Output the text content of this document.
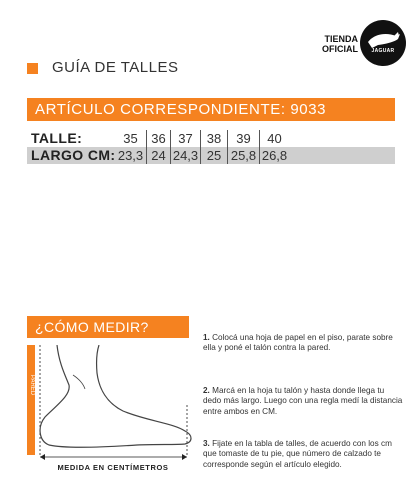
GUÍA DE TALLES
TIENDA
OFICIAL	JAGUAR
ARTÍCULO CORRESPONDIENTE: 9033
TALLE:	35	36 37	38	39	40
LARGO CM: 23,3 24 24,3 25 25,8 26,8
¿CÓMO MEDIR?
PARED
MEDIDA EN CENTÍMETROS
1. Colocá una hoja de papel en el piso, parate sobre ella y poné el talón contra la pared.
2. Marcá en la hoja tu talón y hasta donde llega tu dedo más largo. Luego con una regla medí la distancia entre ambos en CM.
3. Fijate en la tabla de talles, de acuerdo con los cm que tomaste de tu pie, que número de calzado te corresponde según el artículo elegido.
